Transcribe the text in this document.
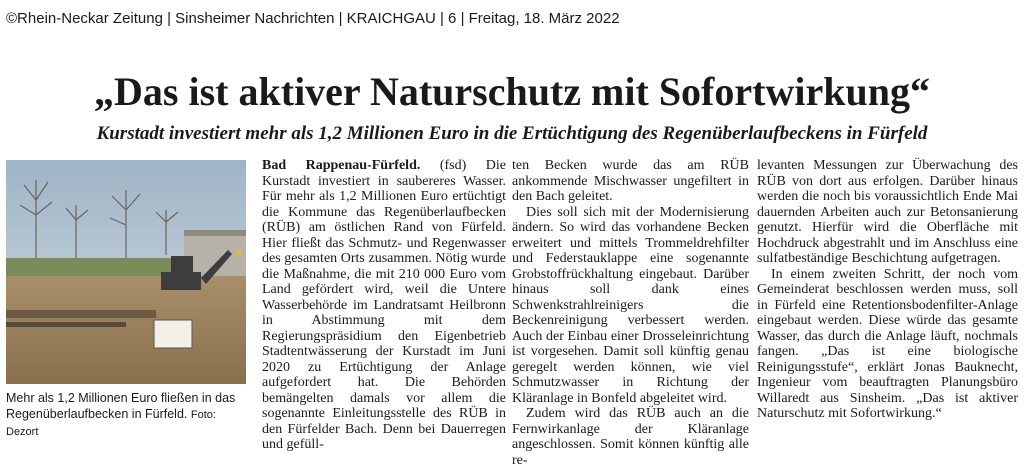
©Rhein-Neckar Zeitung | Sinsheimer Nachrichten | KRAICHGAU | 6 | Freitag, 18. März 2022
„Das ist aktiver Naturschutz mit Sofortwirkung“
Kurstadt investiert mehr als 1,2 Millionen Euro in die Ertüchtigung des Regenüberlaufbeckens in Fürfeld
Mehr als 1,2 Millionen Euro fließen in das Regenüberlaufbecken in Fürfeld. Foto: Dezort

Bad Rappenau-Fürfeld. (fsd) Die Kurstadt investiert in saubereres Wasser. Für mehr als 1,2 Millionen Euro ertüchtigt die Kommune das Regenüberlaufbecken (RÜB) am östlichen Rand von Fürfeld. Hier fließt das Schmutz- und Regenwasser des gesamten Orts zusammen. Nötig wurde die Maßnahme, die mit 210 000 Euro vom Land gefördert wird, weil die Untere Wasserbehörde im Landratsamt Heilbronn in Abstimmung mit dem Regierungspräsidium den Eigenbetrieb Stadtentwässerung der Kurstadt im Juni 2020 zu Ertüchtigung der Anlage aufgefordert hat. Die Behörden bemängelten damals vor allem die sogenannte Einleitungsstelle des RÜB in den Fürfelder Bach. Denn bei Dauerregen und gefüll-

ten Becken wurde das am RÜB ankommende Mischwasser ungefiltert in den Bach geleitet.

Dies soll sich mit der Modernisierung ändern. So wird das vorhandene Becken erweitert und mittels Trommeldrehfilter und Federstauklappe eine sogenannte Grobstoffrückhaltung eingebaut. Darüber hinaus soll dank eines Schwenkstrahlreinigers die Beckenreinigung verbessert werden. Auch der Einbau einer Drosseleinrichtung ist vorgesehen. Damit soll künftig genau geregelt werden können, wie viel Schmutzwasser in Richtung der Kläranlage in Bonfeld abgeleitet wird.

Zudem wird das RÜB auch an die Fernwirkanlage der Kläranlage angeschlossen. Somit können künftig alle re-

levanten Messungen zur Überwachung des RÜB von dort aus erfolgen. Darüber hinaus werden die noch bis voraussichtlich Ende Mai dauernden Arbeiten auch zur Betonsanierung genutzt. Hierfür wird die Oberfläche mit Hochdruck abgestrahlt und im Anschluss eine sulfatbeständige Beschichtung aufgetragen.

In einem zweiten Schritt, der noch vom Gemeinderat beschlossen werden muss, soll in Fürfeld eine Retentionsbodenfilter-Anlage eingebaut werden. Diese würde das gesamte Wasser, das durch die Anlage läuft, nochmals fangen. „Das ist eine biologische Reinigungsstufe“, erklärt Jonas Bauknecht, Ingenieur vom beauftragten Planungsbüro Willaredt aus Sinsheim. „Das ist aktiver Naturschutz mit Sofortwirkung.“
